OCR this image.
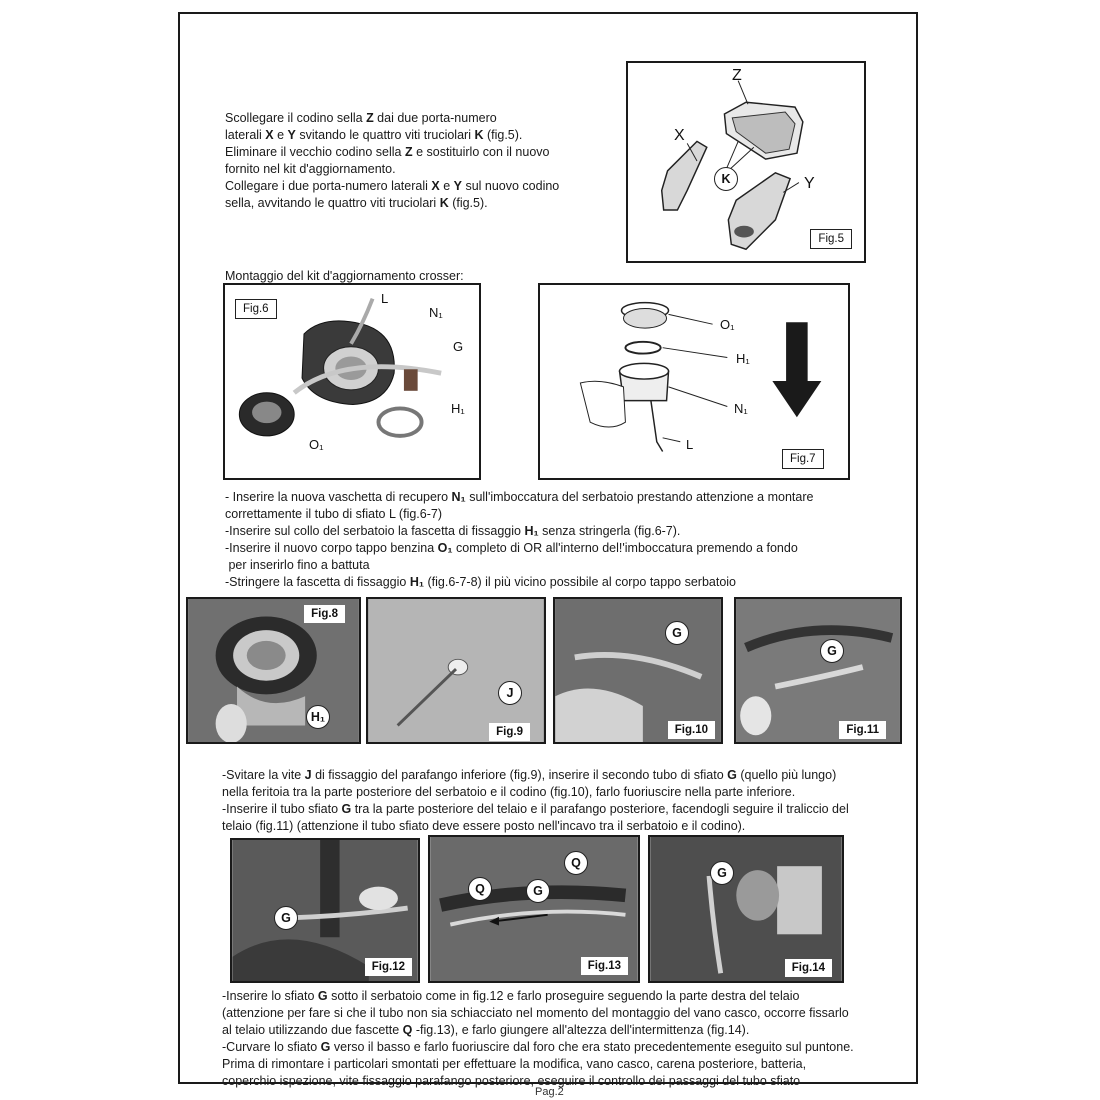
Scollegare il codino sella Z dai due porta-numero
laterali X e Y svitando le quattro viti truciolari K (fig.5).
Eliminare il vecchio codino sella Z e sostituirlo con il nuovo
fornito nel kit d'aggiornamento.
Collegare i due porta-numero laterali X e Y sul nuovo codino
sella, avvitando le quattro viti truciolari K (fig.5).
Z
X
Y
K
Fig.5
Montaggio del kit d'aggiornamento crosser:
Fig.6
L
N₁
G
H₁
O₁
O₁
H₁
N₁
L
Fig.7
- Inserire la nuova vaschetta di recupero N₁ sull'imboccatura del serbatoio prestando attenzione a montare
correttamente il tubo di sfiato L (fig.6-7)
-Inserire sul collo del serbatoio la fascetta di fissaggio H₁ senza stringerla (fig.6-7).
-Inserire il nuovo corpo tappo benzina O₁ completo di OR all'interno del!'imboccatura premendo a fondo
per inserirlo fino a battuta
-Stringere la fascetta di fissaggio H₁ (fig.6-7-8) il più vicino possibile al corpo tappo serbatoio
Fig.8
H₁
J
Fig.9
G
Fig.10
G
Fig.11
-Svitare la vite J di fissaggio del parafango inferiore (fig.9), inserire il secondo tubo di sfiato G (quello più lungo)
nella feritoia tra la parte posteriore del serbatoio e il codino (fig.10), farlo fuoriuscire nella parte inferiore.
-Inserire il tubo sfiato G tra la parte posteriore del telaio e il parafango posteriore, facendogli seguire il traliccio del
telaio (fig.11) (attenzione il tubo sfiato deve essere posto nell'incavo tra il serbatoio e il codino).
G
Fig.12
Q	G
Q
Fig.13
G
Fig.14
-Inserire lo sfiato G sotto il serbatoio come in fig.12 e farlo proseguire seguendo la parte destra del telaio
(attenzione per fare si che il tubo non sia schiacciato nel momento del montaggio del vano casco, occorre fissarlo
al telaio utilizzando due fascette Q -fig.13), e farlo giungere all'altezza dell'intermittenza (fig.14).
-Curvare lo sfiato G verso il basso e farlo fuoriuscire dal foro che era stato precedentemente eseguito sul puntone.
Prima di rimontare i particolari smontati per effettuare la modifica, vano casco, carena posteriore, batteria,
coperchio ispezione, vite fissaggio parafango posteriore, eseguire il controllo dei passaggi del tubo sfiato
Pag.2
